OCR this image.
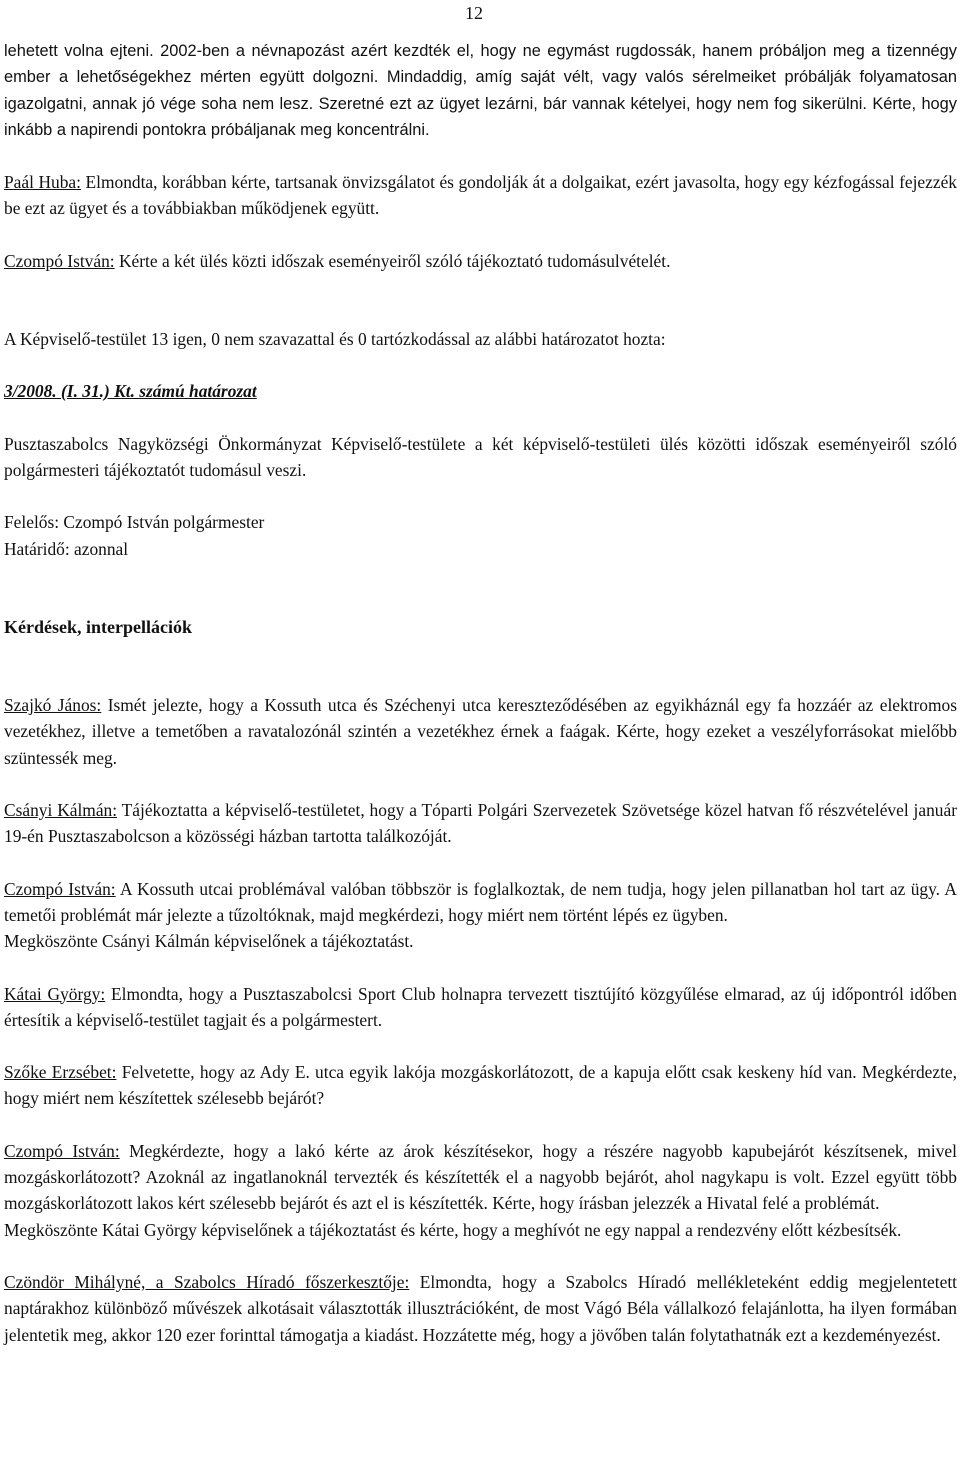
12

lehetett volna ejteni. 2002-ben a névnapozást azért kezdték el, hogy ne egymást rugdossák, hanem próbáljon meg a tizennégy ember a lehetőségekhez mérten együtt dolgozni. Mindaddig, amíg saját vélt, vagy valós sérelmeiket próbálják folyamatosan igazolgatni, annak jó vége soha nem lesz. Szeretné ezt az ügyet lezárni, bár vannak kételyei, hogy nem fog sikerülni. Kérte, hogy inkább a napirendi pontokra próbáljanak meg koncentrálni.

Paál Huba: Elmondta, korábban kérte, tartsanak önvizsgálatot és gondolják át a dolgaikat, ezért javasolta, hogy egy kézfogással fejezzék be ezt az ügyet és a továbbiakban működjenek együtt.

Czompó István: Kérte a két ülés közti időszak eseményeiről szóló tájékoztató tudomásulvételét.

A Képviselő-testület 13 igen, 0 nem szavazattal és 0 tartózkodással az alábbi határozatot hozta:

3/2008. (I. 31.) Kt. számú határozat

Pusztaszabolcs Nagyközségi Önkormányzat Képviselő-testülete a két képviselő-testületi ülés közötti időszak eseményeiről szóló polgármesteri tájékoztatót tudomásul veszi.

Felelős: Czompó István polgármester

Határidő: azonnal

Kérdések, interpellációk

Szajkó János: Ismét jelezte, hogy a Kossuth utca és Széchenyi utca kereszteződésében az egyikháznál egy fa hozzáér az elektromos vezetékhez, illetve a temetőben a ravatalozónál szintén a vezetékhez érnek a faágak. Kérte, hogy ezeket a veszélyforrásokat mielőbb szüntessék meg.

Csányi Kálmán: Tájékoztatta a képviselő-testületet, hogy a Tóparti Polgári Szervezetek Szövetsége közel hatvan fő részvételével január 19-én Pusztaszabolcson a közösségi házban tartotta találkozóját.

Czompó István: A Kossuth utcai problémával valóban többször is foglalkoztak, de nem tudja, hogy jelen pillanatban hol tart az ügy. A temetői problémát már jelezte a tűzoltóknak, majd megkérdezi, hogy miért nem történt lépés ez ügyben.

Megköszönte Csányi Kálmán képviselőnek a tájékoztatást.

Kátai György: Elmondta, hogy a Pusztaszabolcsi Sport Club holnapra tervezett tisztújító közgyűlése elmarad, az új időpontról időben értesítik a képviselő-testület tagjait és a polgármestert.

Szőke Erzsébet: Felvetette, hogy az Ady E. utca egyik lakója mozgáskorlátozott, de a kapuja előtt csak keskeny híd van. Megkérdezte, hogy miért nem készítettek szélesebb bejárót?

Czompó István: Megkérdezte, hogy a lakó kérte az árok készítésekor, hogy a részére nagyobb kapubejárót készítsenek, mivel mozgáskorlátozott? Azoknál az ingatlanoknál tervezték és készítették el a nagyobb bejárót, ahol nagykapu is volt. Ezzel együtt több mozgáskorlátozott lakos kért szélesebb bejárót és azt el is készítették. Kérte, hogy írásban jelezzék a Hivatal felé a problémát.

Megköszönte Kátai György képviselőnek a tájékoztatást és kérte, hogy a meghívót ne egy nappal a rendezvény előtt kézbesítsék.

Czöndör Mihályné, a Szabolcs Híradó főszerkesztője: Elmondta, hogy a Szabolcs Híradó mellékleteként eddig megjelentetett naptárakhoz különböző művészek alkotásait választották illusztrációként, de most Vágó Béla vállalkozó felajánlotta, ha ilyen formában jelentetik meg, akkor 120 ezer forinttal támogatja a kiadást. Hozzátette még, hogy a jövőben talán folytathatnák ezt a kezdeményezést.
